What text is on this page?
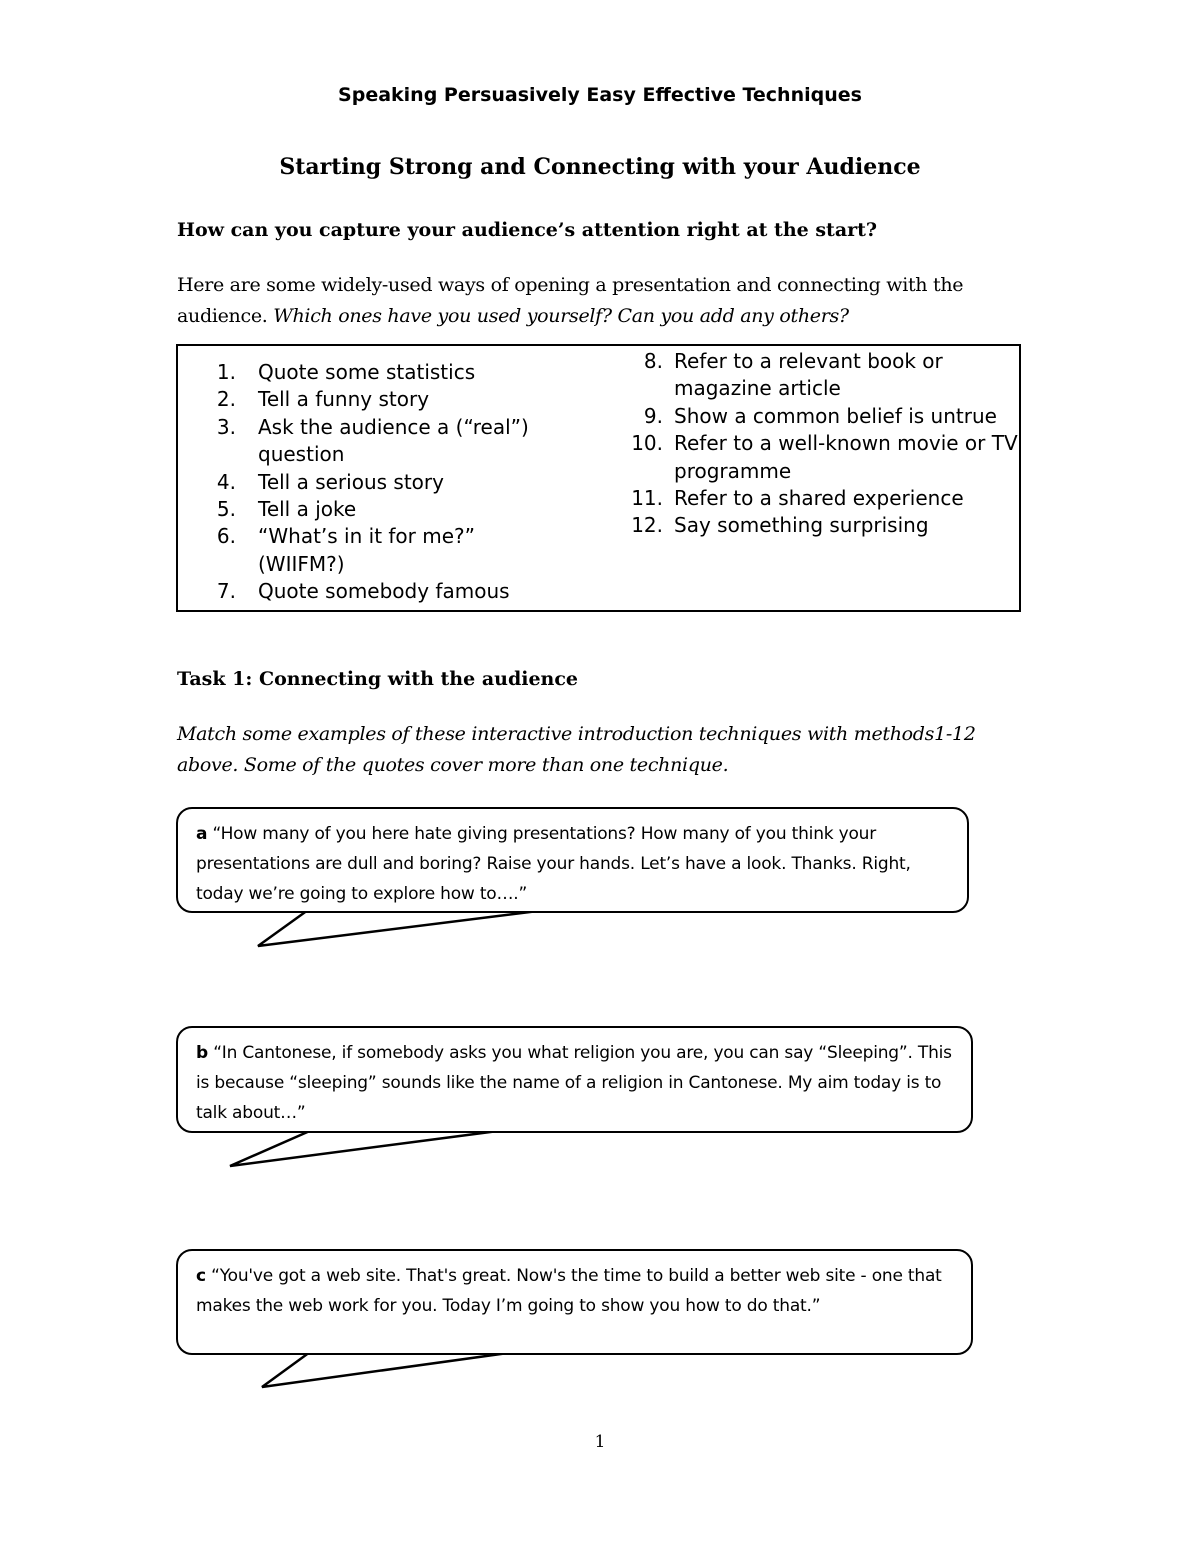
Speaking Persuasively Easy Effective Techniques
Starting Strong and Connecting with your Audience
How can you capture your audience’s attention right at the start?
Here are some widely-used ways of opening a presentation and connecting with the audience. Which ones have you used yourself? Can you add any others?
1.	Quote some statistics
2.	Tell a funny story
3.	Ask the audience a (“real”) question
4.	Tell a serious story
5.	Tell a joke
6.	“What’s in it for me?” (WIIFM?)
7.	Quote somebody famous
8. Refer to a relevant book or magazine article
9. Show a common belief is untrue
10. Refer to a well-known movie or TV programme
11. Refer to a shared experience
12. Say something surprising
Task 1: Connecting with the audience
Match some examples of these interactive introduction techniques with methods1-12 above. Some of the quotes cover more than one technique.
a “How many of you here hate giving presentations? How many of you think your presentations are dull and boring? Raise your hands. Let’s have a look. Thanks. Right, today we’re going to explore how to….”
b “In Cantonese, if somebody asks you what religion you are, you can say “Sleeping”. This is because “sleeping” sounds like the name of a religion in Cantonese. My aim today is to talk about…”
c “You've got a web site. That's great. Now's the time to build a better web site - one that makes the web work for you. Today I’m going to show you how to do that.”
1
